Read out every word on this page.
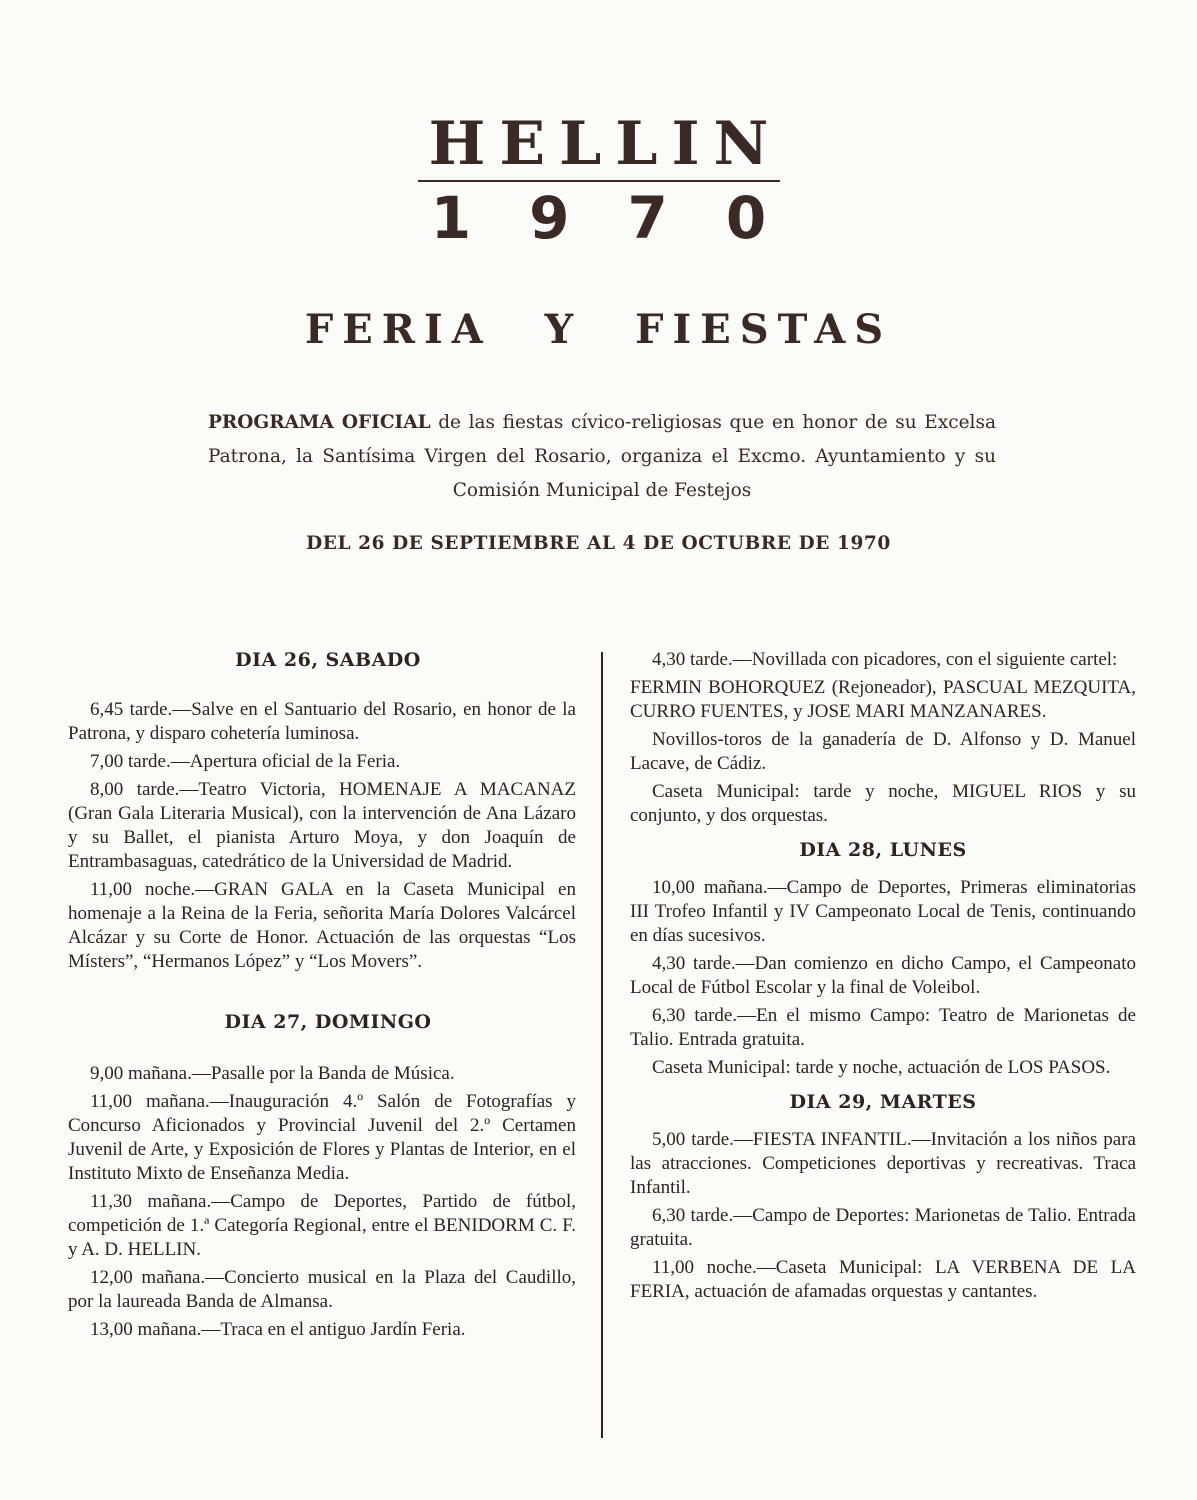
HELLIN
1970
FERIA Y FIESTAS
PROGRAMA OFICIAL de las fiestas cívico-religiosas que en honor de su Excelsa Patrona, la Santísima Virgen del Rosario, organiza el Excmo. Ayuntamiento y su Comisión Municipal de Festejos
DEL 26 DE SEPTIEMBRE AL 4 DE OCTUBRE DE 1970
DIA 26, SABADO

6,45 tarde.—Salve en el Santuario del Rosario, en honor de la Patrona, y disparo cohetería luminosa.

7,00 tarde.—Apertura oficial de la Feria.

8,00 tarde.—Teatro Victoria, HOMENAJE A MACANAZ (Gran Gala Literaria Musical), con la intervención de Ana Lázaro y su Ballet, el pianista Arturo Moya, y don Joaquín de Entrambasaguas, catedrático de la Universidad de Madrid.

11,00 noche.—GRAN GALA en la Caseta Municipal en homenaje a la Reina de la Feria, señorita María Dolores Valcárcel Alcázar y su Corte de Honor. Actuación de las orquestas “Los Místers”, “Hermanos López” y “Los Movers”.

DIA 27, DOMINGO

9,00 mañana.—Pasalle por la Banda de Música.

11,00 mañana.—Inauguración 4.º Salón de Fotografías y Concurso Aficionados y Provincial Juvenil del 2.º Certamen Juvenil de Arte, y Exposición de Flores y Plantas de Interior, en el Instituto Mixto de Enseñanza Media.

11,30 mañana.—Campo de Deportes, Partido de fútbol, competición de 1.ª Categoría Regional, entre el BENIDORM C. F. y A. D. HELLIN.

12,00 mañana.—Concierto musical en la Plaza del Caudillo, por la laureada Banda de Almansa.

13,00 mañana.—Traca en el antiguo Jardín Feria.

4,30 tarde.—Novillada con picadores, con el siguiente cartel:

FERMIN BOHORQUEZ (Rejoneador), PASCUAL MEZQUITA, CURRO FUENTES, y JOSE MARI MANZANARES.

Novillos-toros de la ganadería de D. Alfonso y D. Manuel Lacave, de Cádiz.

Caseta Municipal: tarde y noche, MIGUEL RIOS y su conjunto, y dos orquestas.

DIA 28, LUNES

10,00 mañana.—Campo de Deportes, Primeras eliminatorias III Trofeo Infantil y IV Campeonato Local de Tenis, continuando en días sucesivos.

4,30 tarde.—Dan comienzo en dicho Campo, el Campeonato Local de Fútbol Escolar y la final de Voleibol.

6,30 tarde.—En el mismo Campo: Teatro de Marionetas de Talio. Entrada gratuita.

Caseta Municipal: tarde y noche, actuación de LOS PASOS.

DIA 29, MARTES

5,00 tarde.—FIESTA INFANTIL.—Invitación a los niños para las atracciones. Competiciones deportivas y recreativas. Traca Infantil.

6,30 tarde.—Campo de Deportes: Marionetas de Talio. Entrada gratuita.

11,00 noche.—Caseta Municipal: LA VERBENA DE LA FERIA, actuación de afamadas orquestas y cantantes.
